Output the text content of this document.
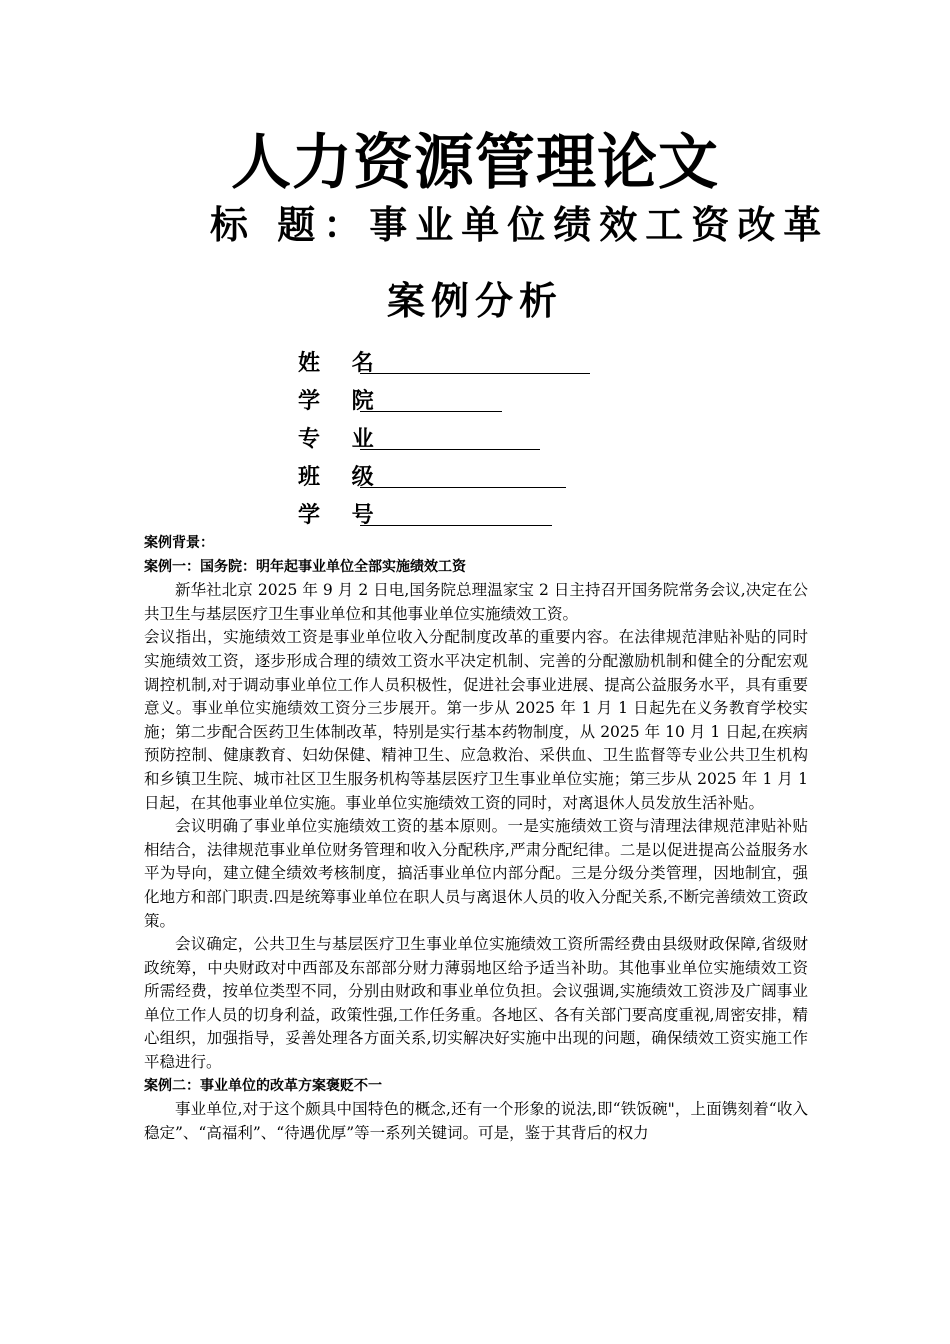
人力资源管理论文
标 题：事业单位绩效工资改革
案例分析
姓 名
学 院
专 业
班 级
学 号

案例背景：

案例一：国务院：明年起事业单位全部实施绩效工资

新华社北京 2025 年 9 月 2 日电,国务院总理温家宝 2 日主持召开国务院常务会议,决定在公共卫生与基层医疗卫生事业单位和其他事业单位实施绩效工资。

会议指出，实施绩效工资是事业单位收入分配制度改革的重要内容。在法律规范津贴补贴的同时实施绩效工资，逐步形成合理的绩效工资水平决定机制、完善的分配激励机制和健全的分配宏观调控机制,对于调动事业单位工作人员积极性，促进社会事业进展、提高公益服务水平，具有重要意义。事业单位实施绩效工资分三步展开。第一步从 2025 年 1 月 1 日起先在义务教育学校实施；第二步配合医药卫生体制改革，特别是实行基本药物制度，从 2025 年 10 月 1 日起,在疾病预防控制、健康教育、妇幼保健、精神卫生、应急救治、采供血、卫生监督等专业公共卫生机构和乡镇卫生院、城市社区卫生服务机构等基层医疗卫生事业单位实施；第三步从 2025 年 1 月 1 日起，在其他事业单位实施。事业单位实施绩效工资的同时，对离退休人员发放生活补贴。

会议明确了事业单位实施绩效工资的基本原则。一是实施绩效工资与清理法律规范津贴补贴相结合，法律规范事业单位财务管理和收入分配秩序,严肃分配纪律。二是以促进提高公益服务水平为导向，建立健全绩效考核制度，搞活事业单位内部分配。三是分级分类管理，因地制宜，强化地方和部门职责.四是统筹事业单位在职人员与离退休人员的收入分配关系,不断完善绩效工资政策。

会议确定，公共卫生与基层医疗卫生事业单位实施绩效工资所需经费由县级财政保障,省级财政统筹，中央财政对中西部及东部部分财力薄弱地区给予适当补助。其他事业单位实施绩效工资所需经费，按单位类型不同，分别由财政和事业单位负担。会议强调,实施绩效工资涉及广阔事业单位工作人员的切身利益，政策性强,工作任务重。各地区、各有关部门要高度重视,周密安排，精心组织，加强指导，妥善处理各方面关系,切实解决好实施中出现的问题，确保绩效工资实施工作平稳进行。

案例二：事业单位的改革方案褒贬不一

事业单位,对于这个颇具中国特色的概念,还有一个形象的说法,即“铁饭碗"，上面镌刻着“收入稳定”、“高福利”、“待遇优厚”等一系列关键词。可是，鉴于其背后的权力
